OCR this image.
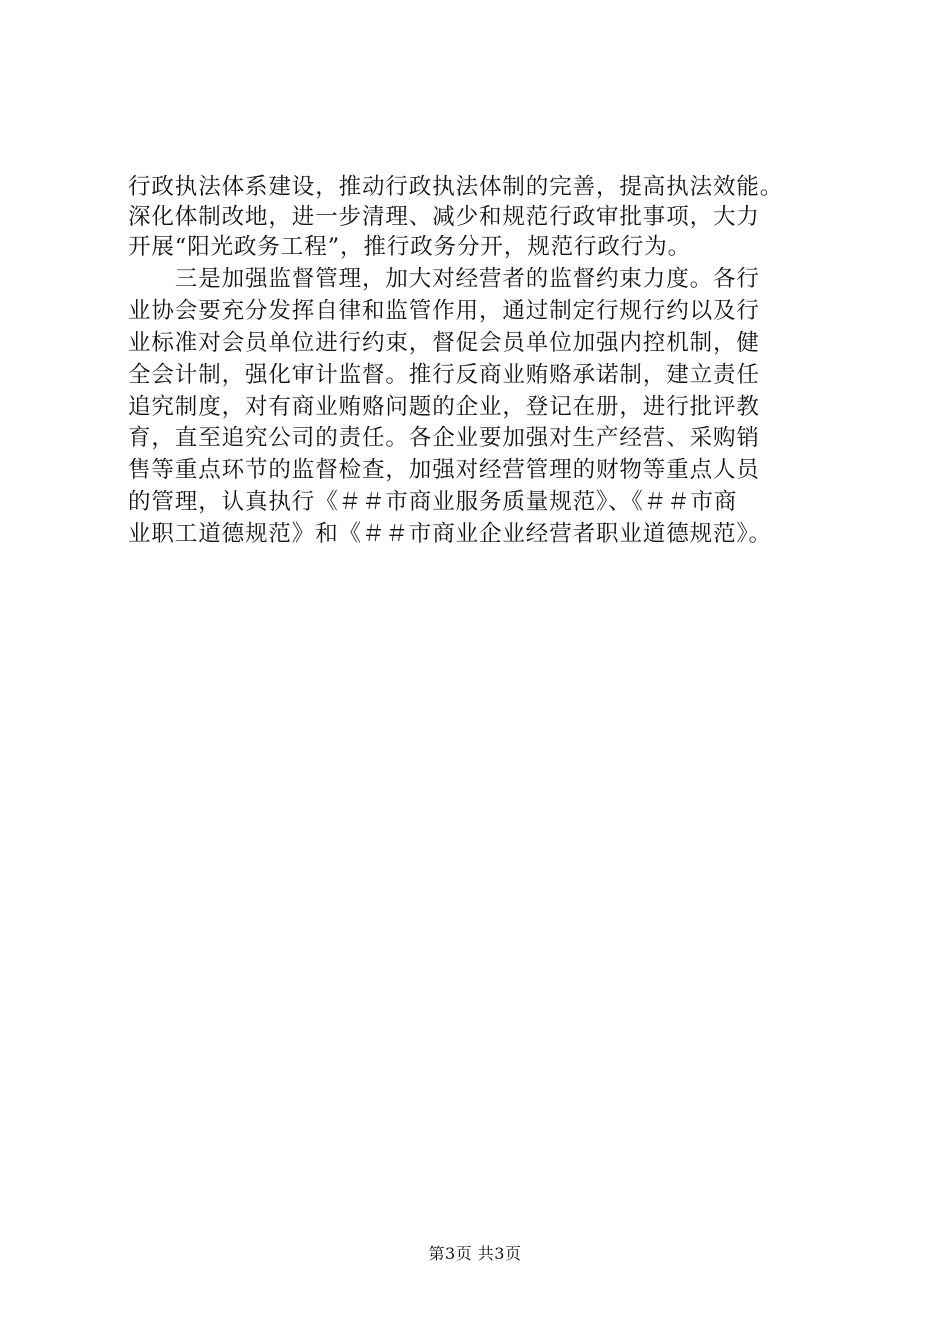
行政执法体系建设，推动行政执法体制的完善，提高执法效能。
深化体制改地，进一步清理、减少和规范行政审批事项，大力
开展“阳光政务工程”，推行政务分开，规范行政行为。
　　三是加强监督管理，加大对经营者的监督约束力度。各行
业协会要充分发挥自律和监管作用，通过制定行规行约以及行
业标准对会员单位进行约束，督促会员单位加强内控机制，健
全会计制，强化审计监督。推行反商业贿赂承诺制，建立责任
追究制度，对有商业贿赂问题的企业，登记在册，进行批评教
育，直至追究公司的责任。各企业要加强对生产经营、采购销
售等重点环节的监督检查，加强对经营管理的财物等重点人员
的管理，认真执行《＃＃市商业服务质量规范》、《＃＃市商
业职工道德规范》和《＃＃市商业企业经营者职业道德规范》。
第3页 共3页
